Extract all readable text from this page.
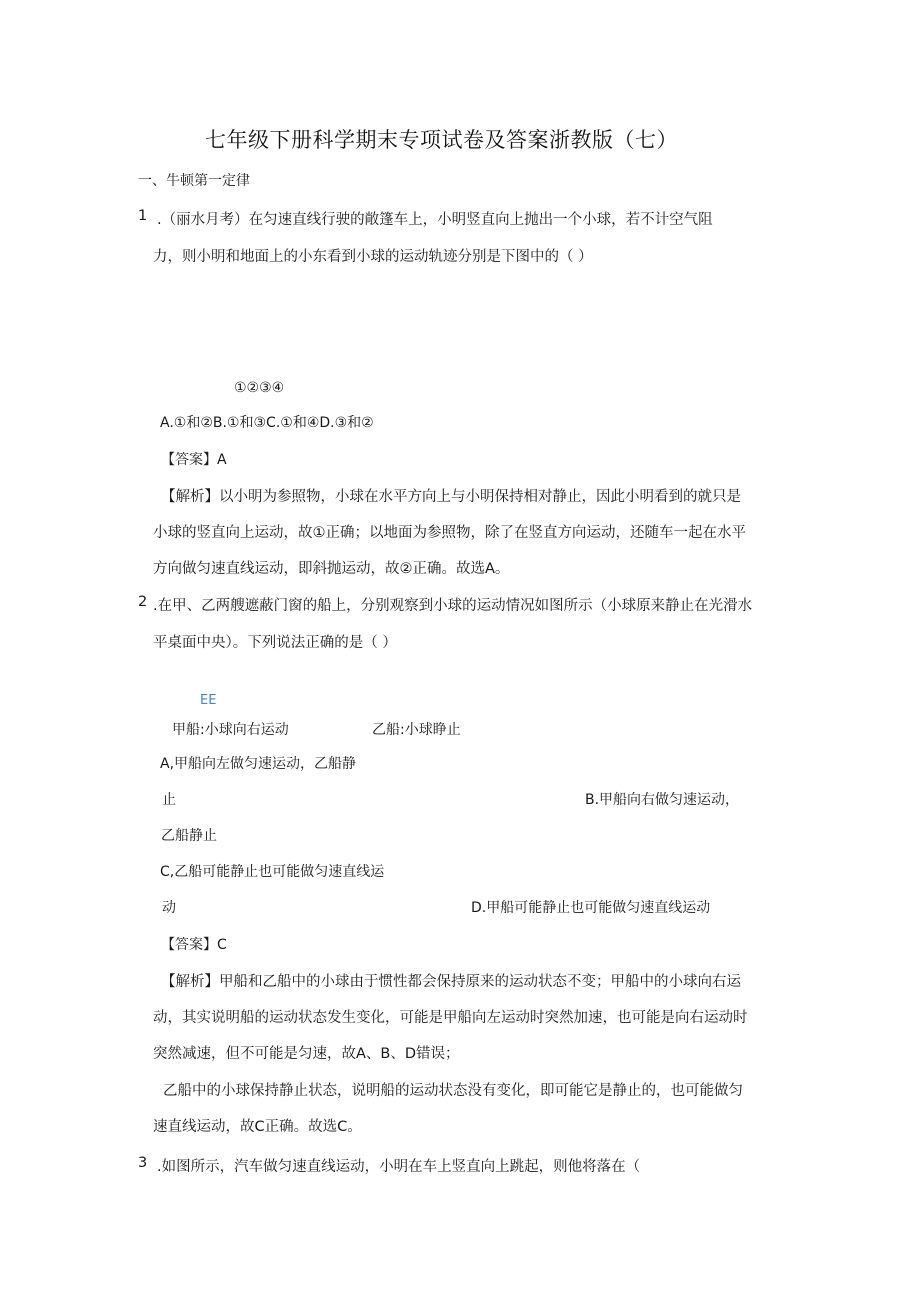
七年级下册科学期末专项试卷及答案浙教版（七）
一、牛顿第一定律
1 .（丽水月考）在匀速直线行驶的敞篷车上，小明竖直向上抛出一个小球，若不计空气阻
力，则小明和地面上的小东看到小球的运动轨迹分别是下图中的（ ）
①②③④
A.①和②B.①和③C.①和④D.③和②
【答案】A
【解析】以小明为参照物，小球在水平方向上与小明保持相对静止，因此小明看到的就只是
小球的竖直向上运动，故①正确；以地面为参照物，除了在竖直方向运动，还随车一起在水平
方向做匀速直线运动，即斜抛运动，故②正确。故选A。
2 .在甲、乙两艘遮蔽门窗的船上，分别观察到小球的运动情况如图所示（小球原来静止在光滑水
平桌面中央）。下列说法正确的是（ ）
EE
甲船:小球向右运动	乙船:小球睁止
A,甲船向左做匀速运动，乙船静
止	B.甲船向右做匀速运动，
乙船静止
C,乙船可能静止也可能做匀速直线运
动	D.甲船可能静止也可能做匀速直线运动
【答案】C
【解析】甲船和乙船中的小球由于惯性都会保持原来的运动状态不变；甲船中的小球向右运
动，其实说明船的运动状态发生变化，可能是甲船向左运动时突然加速，也可能是向右运动时
突然减速，但不可能是匀速，故A、B、D错误；
乙船中的小球保持静止状态，说明船的运动状态没有变化，即可能它是静止的，也可能做匀
速直线运动，故C正确。故选C。
3 .如图所示，汽车做匀速直线运动，小明在车上竖直向上跳起，则他将落在（
